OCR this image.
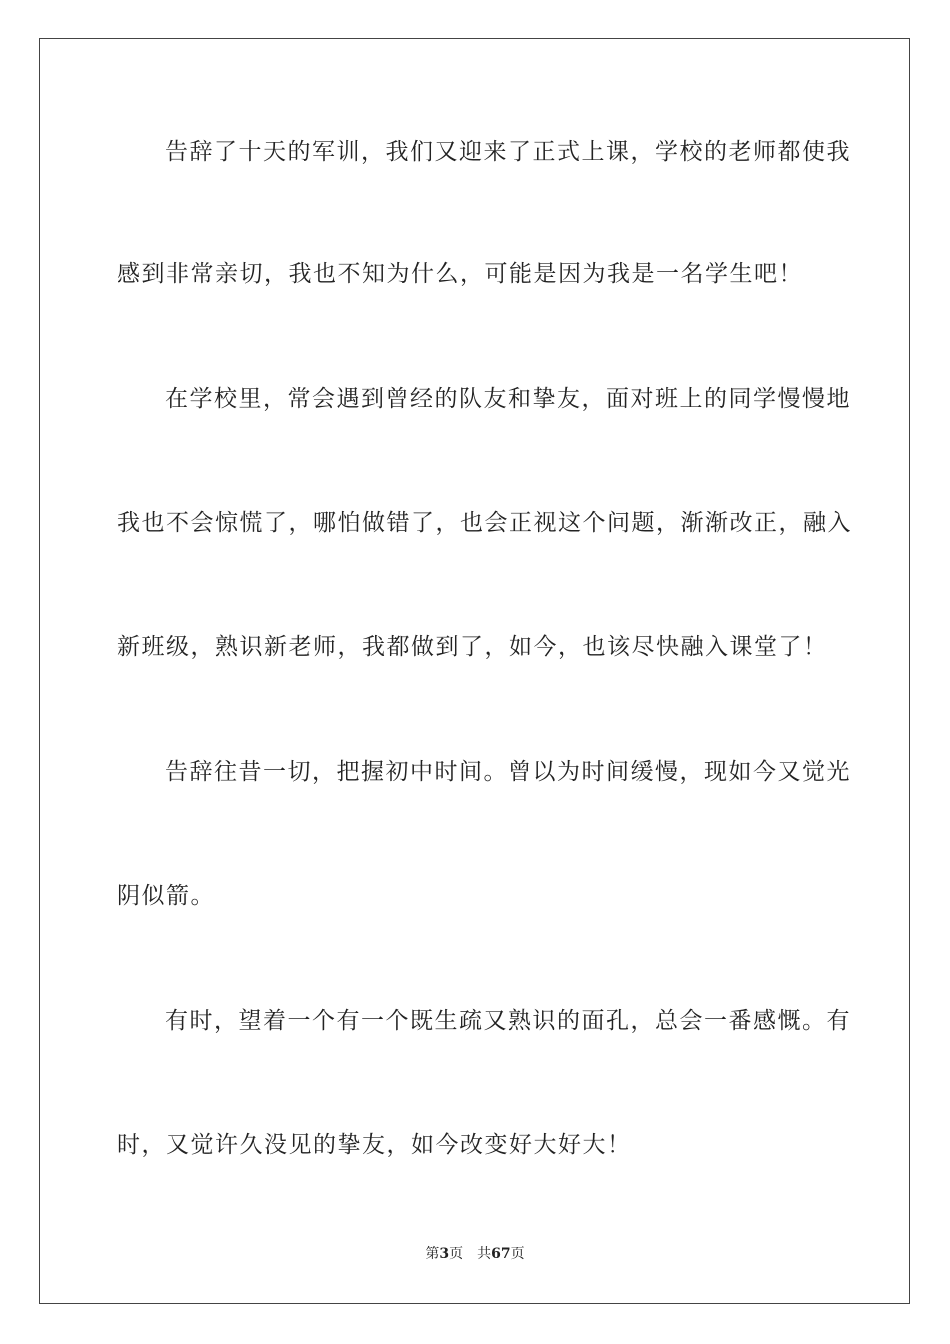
告辞了十天的军训，我们又迎来了正式上课，学校的老师都使我
感到非常亲切，我也不知为什么，可能是因为我是一名学生吧！
在学校里，常会遇到曾经的队友和挚友，面对班上的同学慢慢地
我也不会惊慌了，哪怕做错了，也会正视这个问题，渐渐改正，融入
新班级，熟识新老师，我都做到了，如今，也该尽快融入课堂了！
告辞往昔一切，把握初中时间。曾以为时间缓慢，现如今又觉光
阴似箭。
有时，望着一个有一个既生疏又熟识的面孔，总会一番感慨。有
时，又觉许久没见的挚友，如今改变好大好大！
第3页 共67页
